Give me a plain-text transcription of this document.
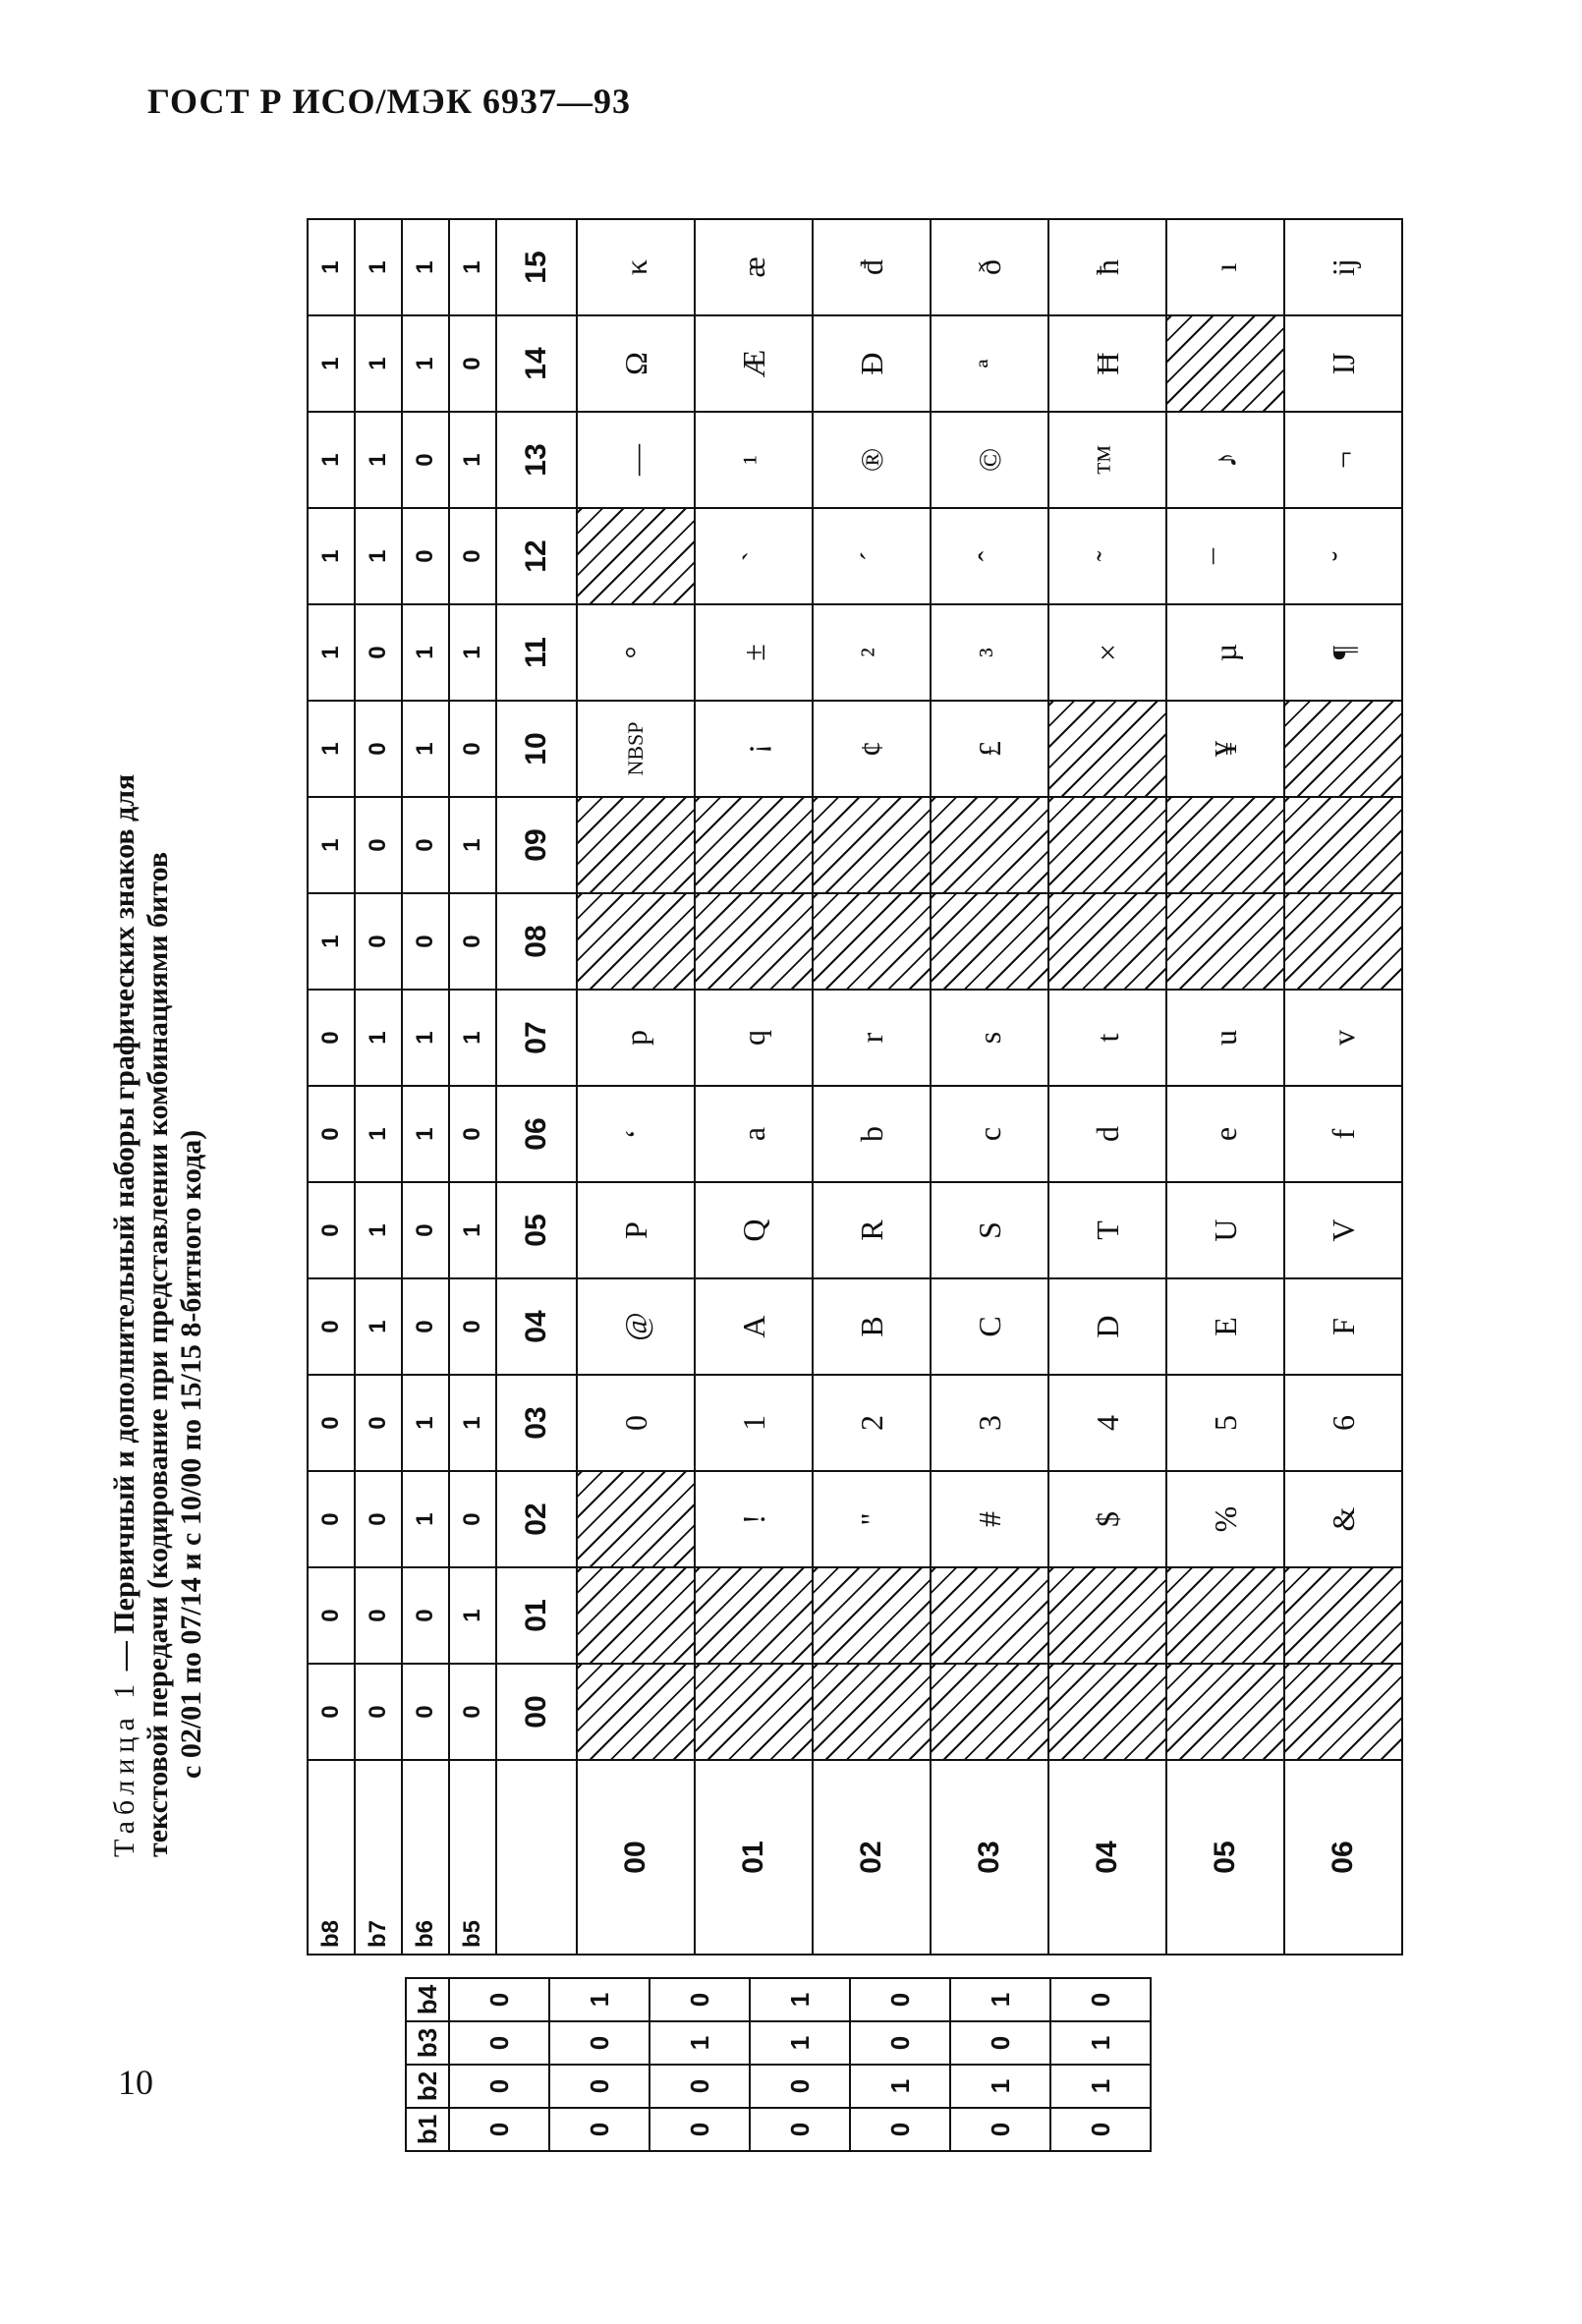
ГОСТ Р ИСО/МЭК 6937—93
10
Таблица 1 — Первичный и дополнительный наборы графических знаков для текстовой передачи (кодирование при представлении комбинациями битов с 02/01 по 07/14 и с 10/00 по 15/15 8-битного кода)
b1	b2	b3	b4
0	0	0	0
0	0	0	1
0	0	1	0
0	0	1	1
0	1	0	0
0	1	0	1
0	1	1	0
b8	0	0	0	0	0	0	0	0	1	1	1	1	1	1	1	1
b7	0	0	0	0	1	1	1	1	0	0	0	0	1	1	1	1
b6	0	0	1	1	0	0	1	1	0	0	1	1	0	0	1	1
b5	0	1	0	1	0	1	0	1	0	1	0	1	0	1	0	1
	00	01	02	03	04	05	06	07	08	09	10	11	12	13	14	15
00				0	@	P	‘	p			NBSP	°		—	Ω	κ
01			!	1	A	Q	a	q			¡	±	`	¹	Æ	æ
02			"	2	B	R	b	r			¢	²	´	®	Đ	đ
03			#	3	C	S	c	s			£	³	ˆ	©	ª	ð
04			$	4	D	T	d	t				×	˜	™	Ħ	ħ
05			%	5	E	U	e	u			¥	µ	¯	♪		ı
06			&	6	F	V	f	v				¶	˘	¬	Ĳ	ĳ
